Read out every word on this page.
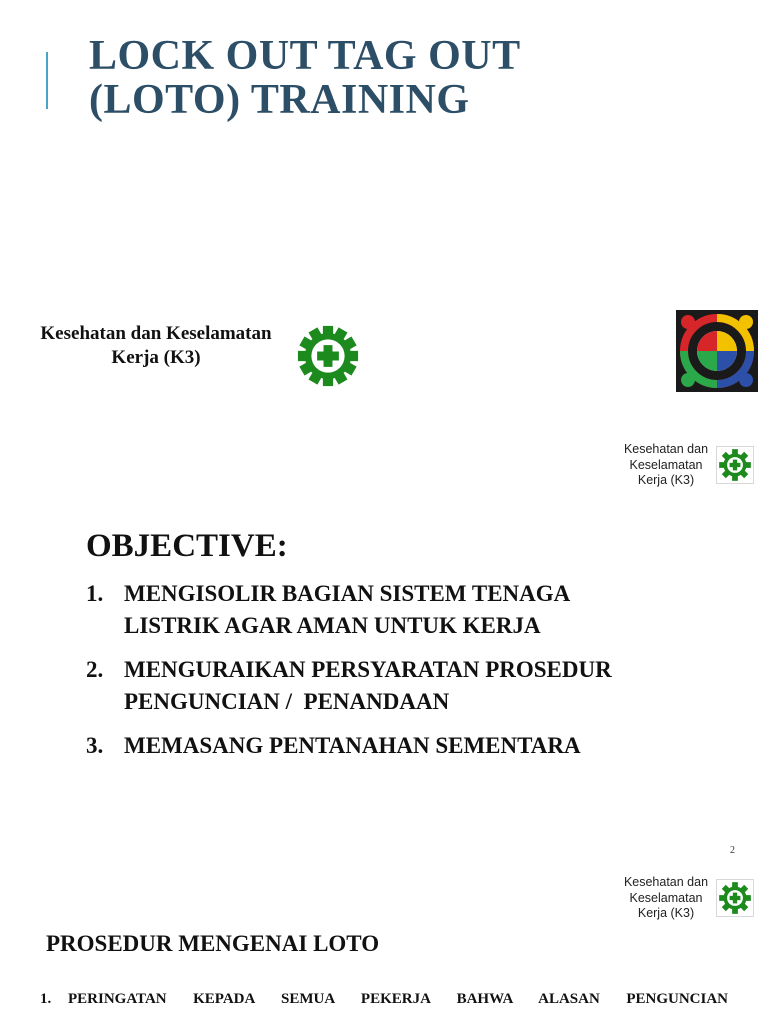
LOCK OUT TAG OUT
(LOTO) TRAINING
Kesehatan dan Keselamatan
Kerja (K3)
Kesehatan dan
Keselamatan
Kerja (K3)
OBJECTIVE:
1. MENGISOLIR BAGIAN SISTEM TENAGA
LISTRIK AGAR AMAN UNTUK KERJA
2. MENGURAIKAN PERSYARATAN PROSEDUR
PENGUNCIAN /  PENANDAAN
3. MEMASANG PENTANAHAN SEMENTARA
2
Kesehatan dan
Keselamatan
Kerja (K3)
PROSEDUR MENGENAI LOTO
1.	PERINGATAN KEPADA SEMUA PEKERJA BAHWA ALASAN PENGUNCIAN
